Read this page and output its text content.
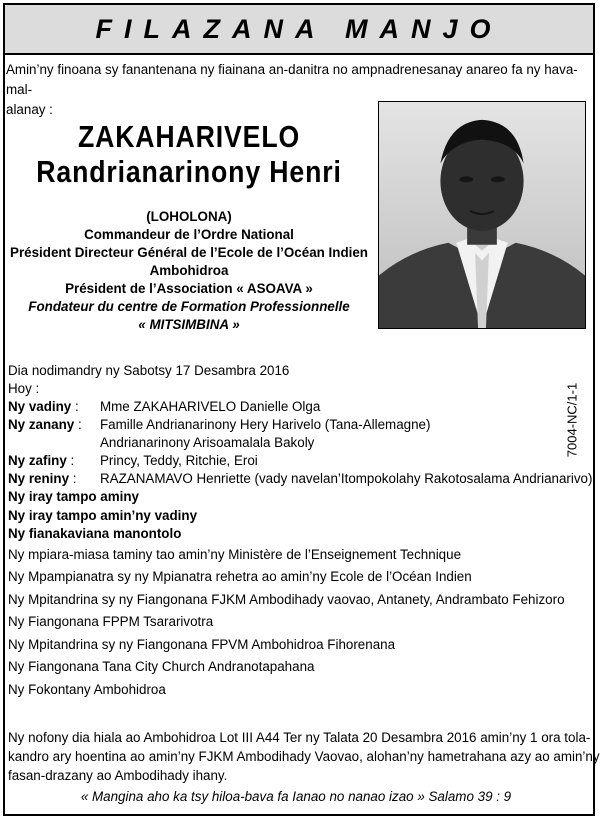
FILAZANA MANJO
Amin’ny finoana sy fanantenana ny fiainana an-danitra no ampnadrenesanay anareo fa ny hava-mal-
alanay :
ZAKAHARIVELO
Randrianarinony Henri
(LOHOLONA)
Commandeur de l’Ordre National
Président Directeur Général de l’Ecole de l’Océan Indien
Ambohidroa
Président de l’Association « ASOAVA »
Fondateur du centre de Formation Professionnelle
« MITSIMBINA »
7004-NC/1-1
Dia nodimandry ny Sabotsy 17 Desambra 2016
Hoy :
Ny vadiny :	Mme ZAKAHARIVELO Danielle Olga
Ny zanany :	Famille Andrianarinony Hery Harivelo (Tana-Allemagne)
Andrianarinony Arisoamalala Bakoly
Ny zafiny :	Princy, Teddy, Ritchie, Eroi
Ny reniny :	RAZANAMAVO Henriette (vady navelan’Itompokolahy Rakotosalama Andrianarivo)
Ny iray tampo aminy
Ny iray tampo amin’ny vadiny
Ny fianakaviana manontolo
Ny mpiara-miasa taminy tao amin’ny Ministère de l’Enseignement Technique
Ny Mpampianatra sy ny Mpianatra rehetra ao amin’ny Ecole de l’Océan Indien
Ny Mpitandrina sy ny Fiangonana FJKM Ambodihady vaovao, Antanety, Andrambato Fehizoro
Ny Fiangonana FPPM Tsararivotra
Ny Mpitandrina sy ny Fiangonana FPVM Ambohidroa Fihorenana
Ny Fiangonana Tana City Church Andranotapahana
Ny Fokontany Ambohidroa
Ny nofony dia hiala ao Ambohidroa Lot III A44 Ter ny Talata 20 Desambra 2016 amin’ny 1 ora tola-
kandro ary hoentina ao amin’ny FJKM Ambodihady Vaovao, alohan’ny hametrahana azy ao amin’ny
fasan-drazany ao Ambodihady ihany.
« Mangina aho ka tsy hiloa-bava fa Ianao no nanao izao » Salamo 39 : 9
